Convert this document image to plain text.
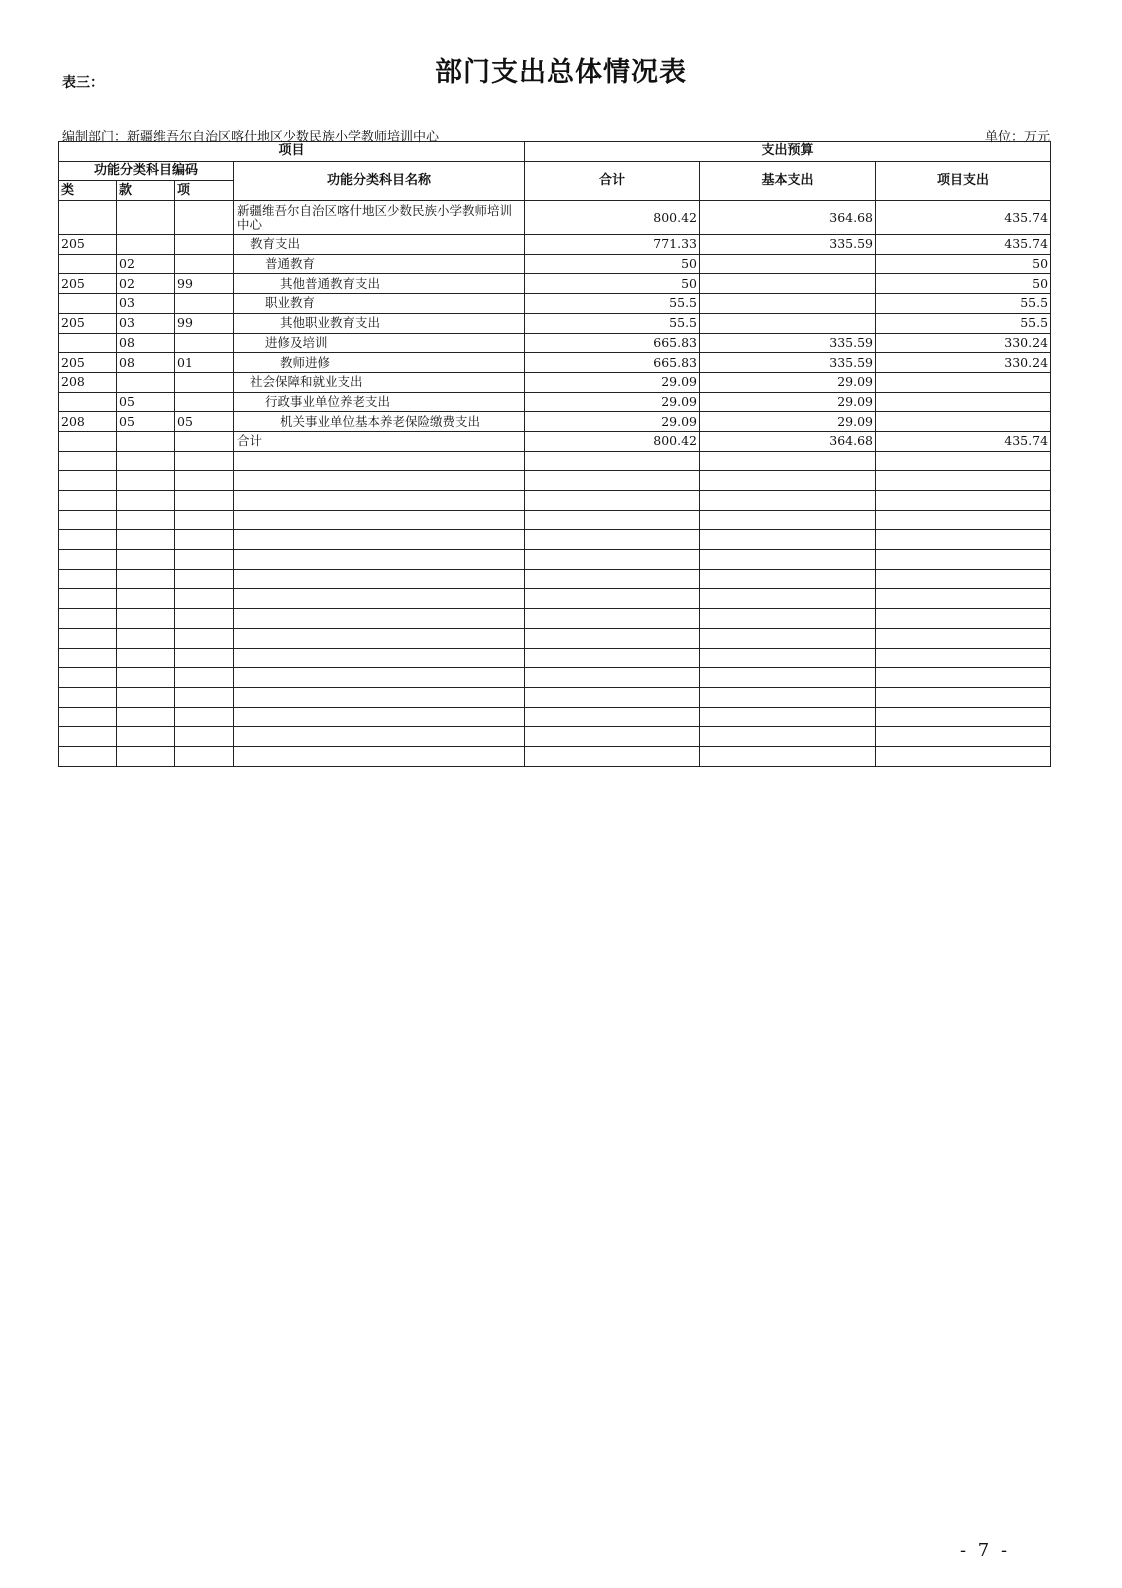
表三：	部门支出总体情况表
编制部门：新疆维吾尔自治区喀什地区少数民族小学教师培训中心	单位：万元
项目				支出预算		
功能分类科目编码			功能分类科目名称	合计	基本支出	项目支出
类	款	项				
			新疆维吾尔自治区喀什地区少数民族小学教师培训中心	800.42	364.68	435.74
205			教育支出	771.33	335.59	435.74
	02		普通教育	50		50
205	02	99	其他普通教育支出	50		50
	03		职业教育	55.5		55.5
205	03	99	其他职业教育支出	55.5		55.5
	08		进修及培训	665.83	335.59	330.24
205	08	01	教师进修	665.83	335.59	330.24
208			社会保障和就业支出	29.09	29.09	
	05		行政事业单位养老支出	29.09	29.09	
208	05	05	机关事业单位基本养老保险缴费支出	29.09	29.09	
			合计	800.42	364.68	435.74

- 7 -
